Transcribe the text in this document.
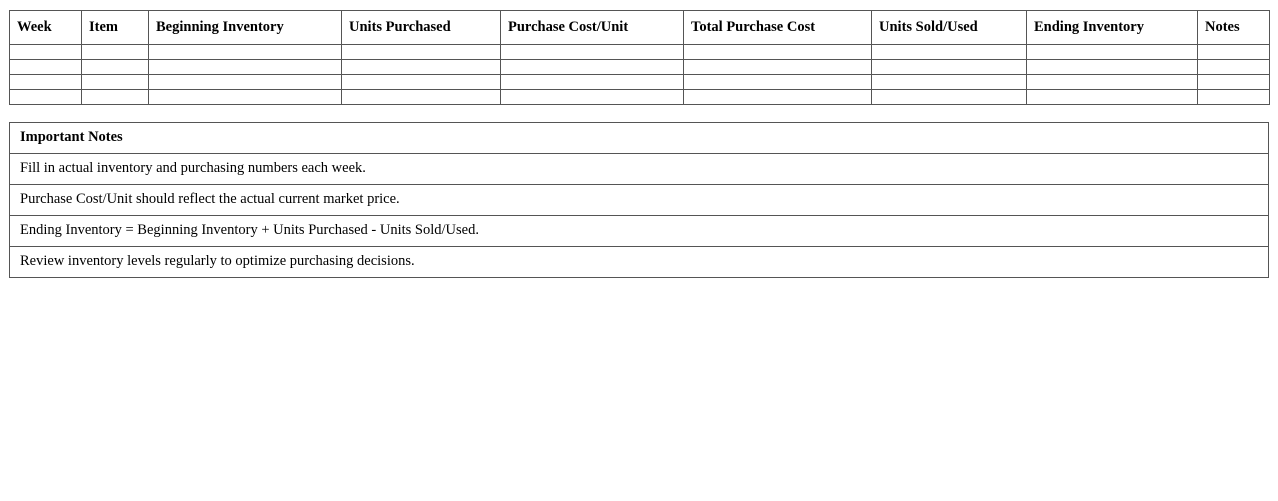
Week	Item	Beginning Inventory	Units Purchased	Purchase Cost/Unit	Total Purchase Cost	Units Sold/Used	Ending Inventory	Notes

Important Notes
Fill in actual inventory and purchasing numbers each week.
Purchase Cost/Unit should reflect the actual current market price.
Ending Inventory = Beginning Inventory + Units Purchased - Units Sold/Used.
Review inventory levels regularly to optimize purchasing decisions.
